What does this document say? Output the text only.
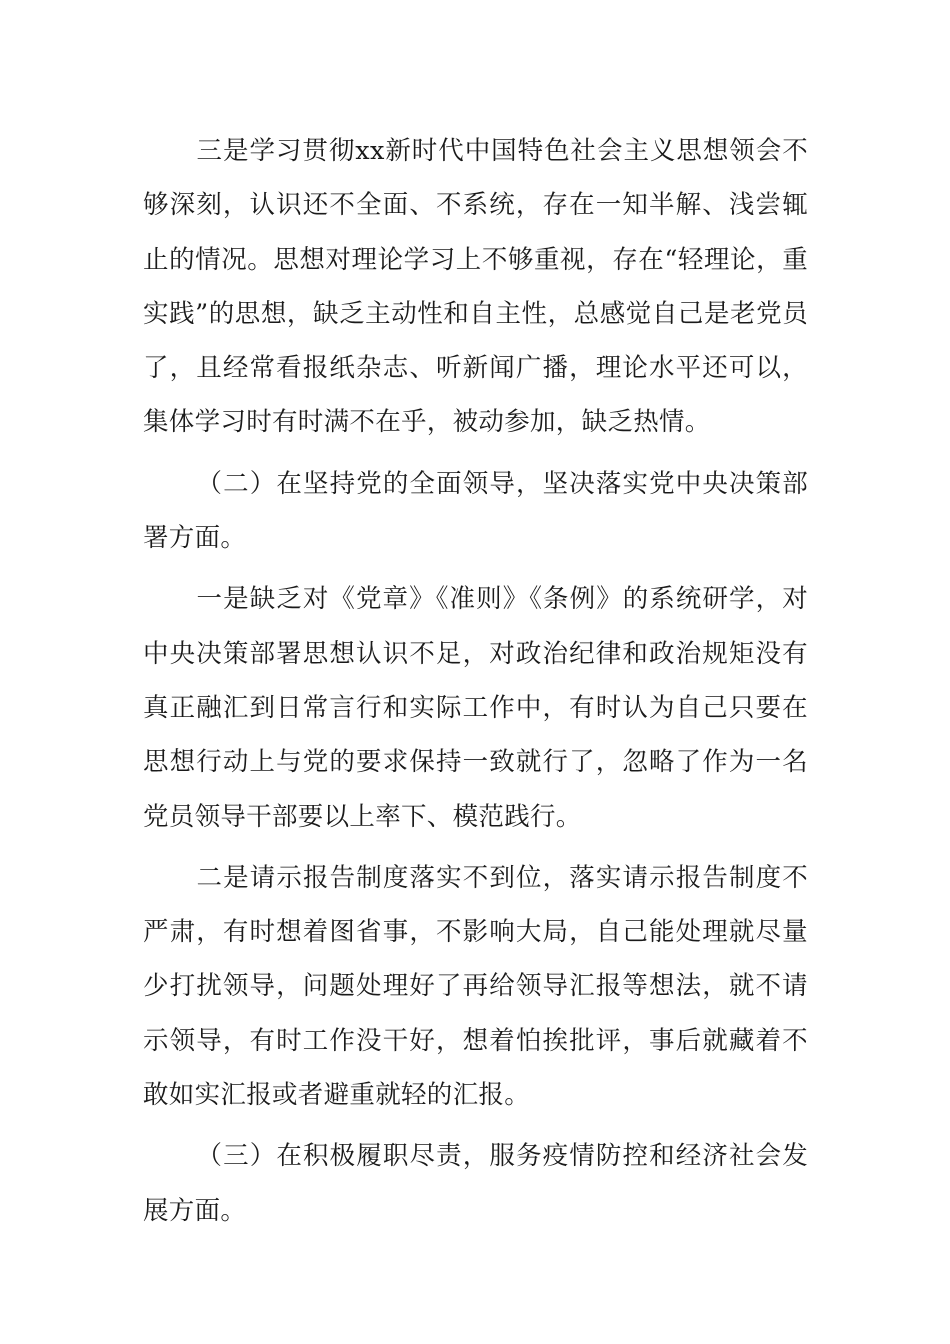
三是学习贯彻xx新时代中国特色社会主义思想领会不够深刻，认识还不全面、不系统，存在一知半解、浅尝辄止的情况。思想对理论学习上不够重视，存在“轻理论，重实践”的思想，缺乏主动性和自主性，总感觉自己是老党员了，且经常看报纸杂志、听新闻广播，理论水平还可以，集体学习时有时满不在乎，被动参加，缺乏热情。

（二）在坚持党的全面领导，坚决落实党中央决策部署方面。

一是缺乏对《党章》《准则》《条例》的系统研学，对中央决策部署思想认识不足，对政治纪律和政治规矩没有真正融汇到日常言行和实际工作中，有时认为自己只要在思想行动上与党的要求保持一致就行了，忽略了作为一名党员领导干部要以上率下、模范践行。

二是请示报告制度落实不到位，落实请示报告制度不严肃，有时想着图省事，不影响大局，自己能处理就尽量少打扰领导，问题处理好了再给领导汇报等想法，就不请示领导，有时工作没干好，想着怕挨批评，事后就藏着不敢如实汇报或者避重就轻的汇报。

（三）在积极履职尽责，服务疫情防控和经济社会发展方面。
